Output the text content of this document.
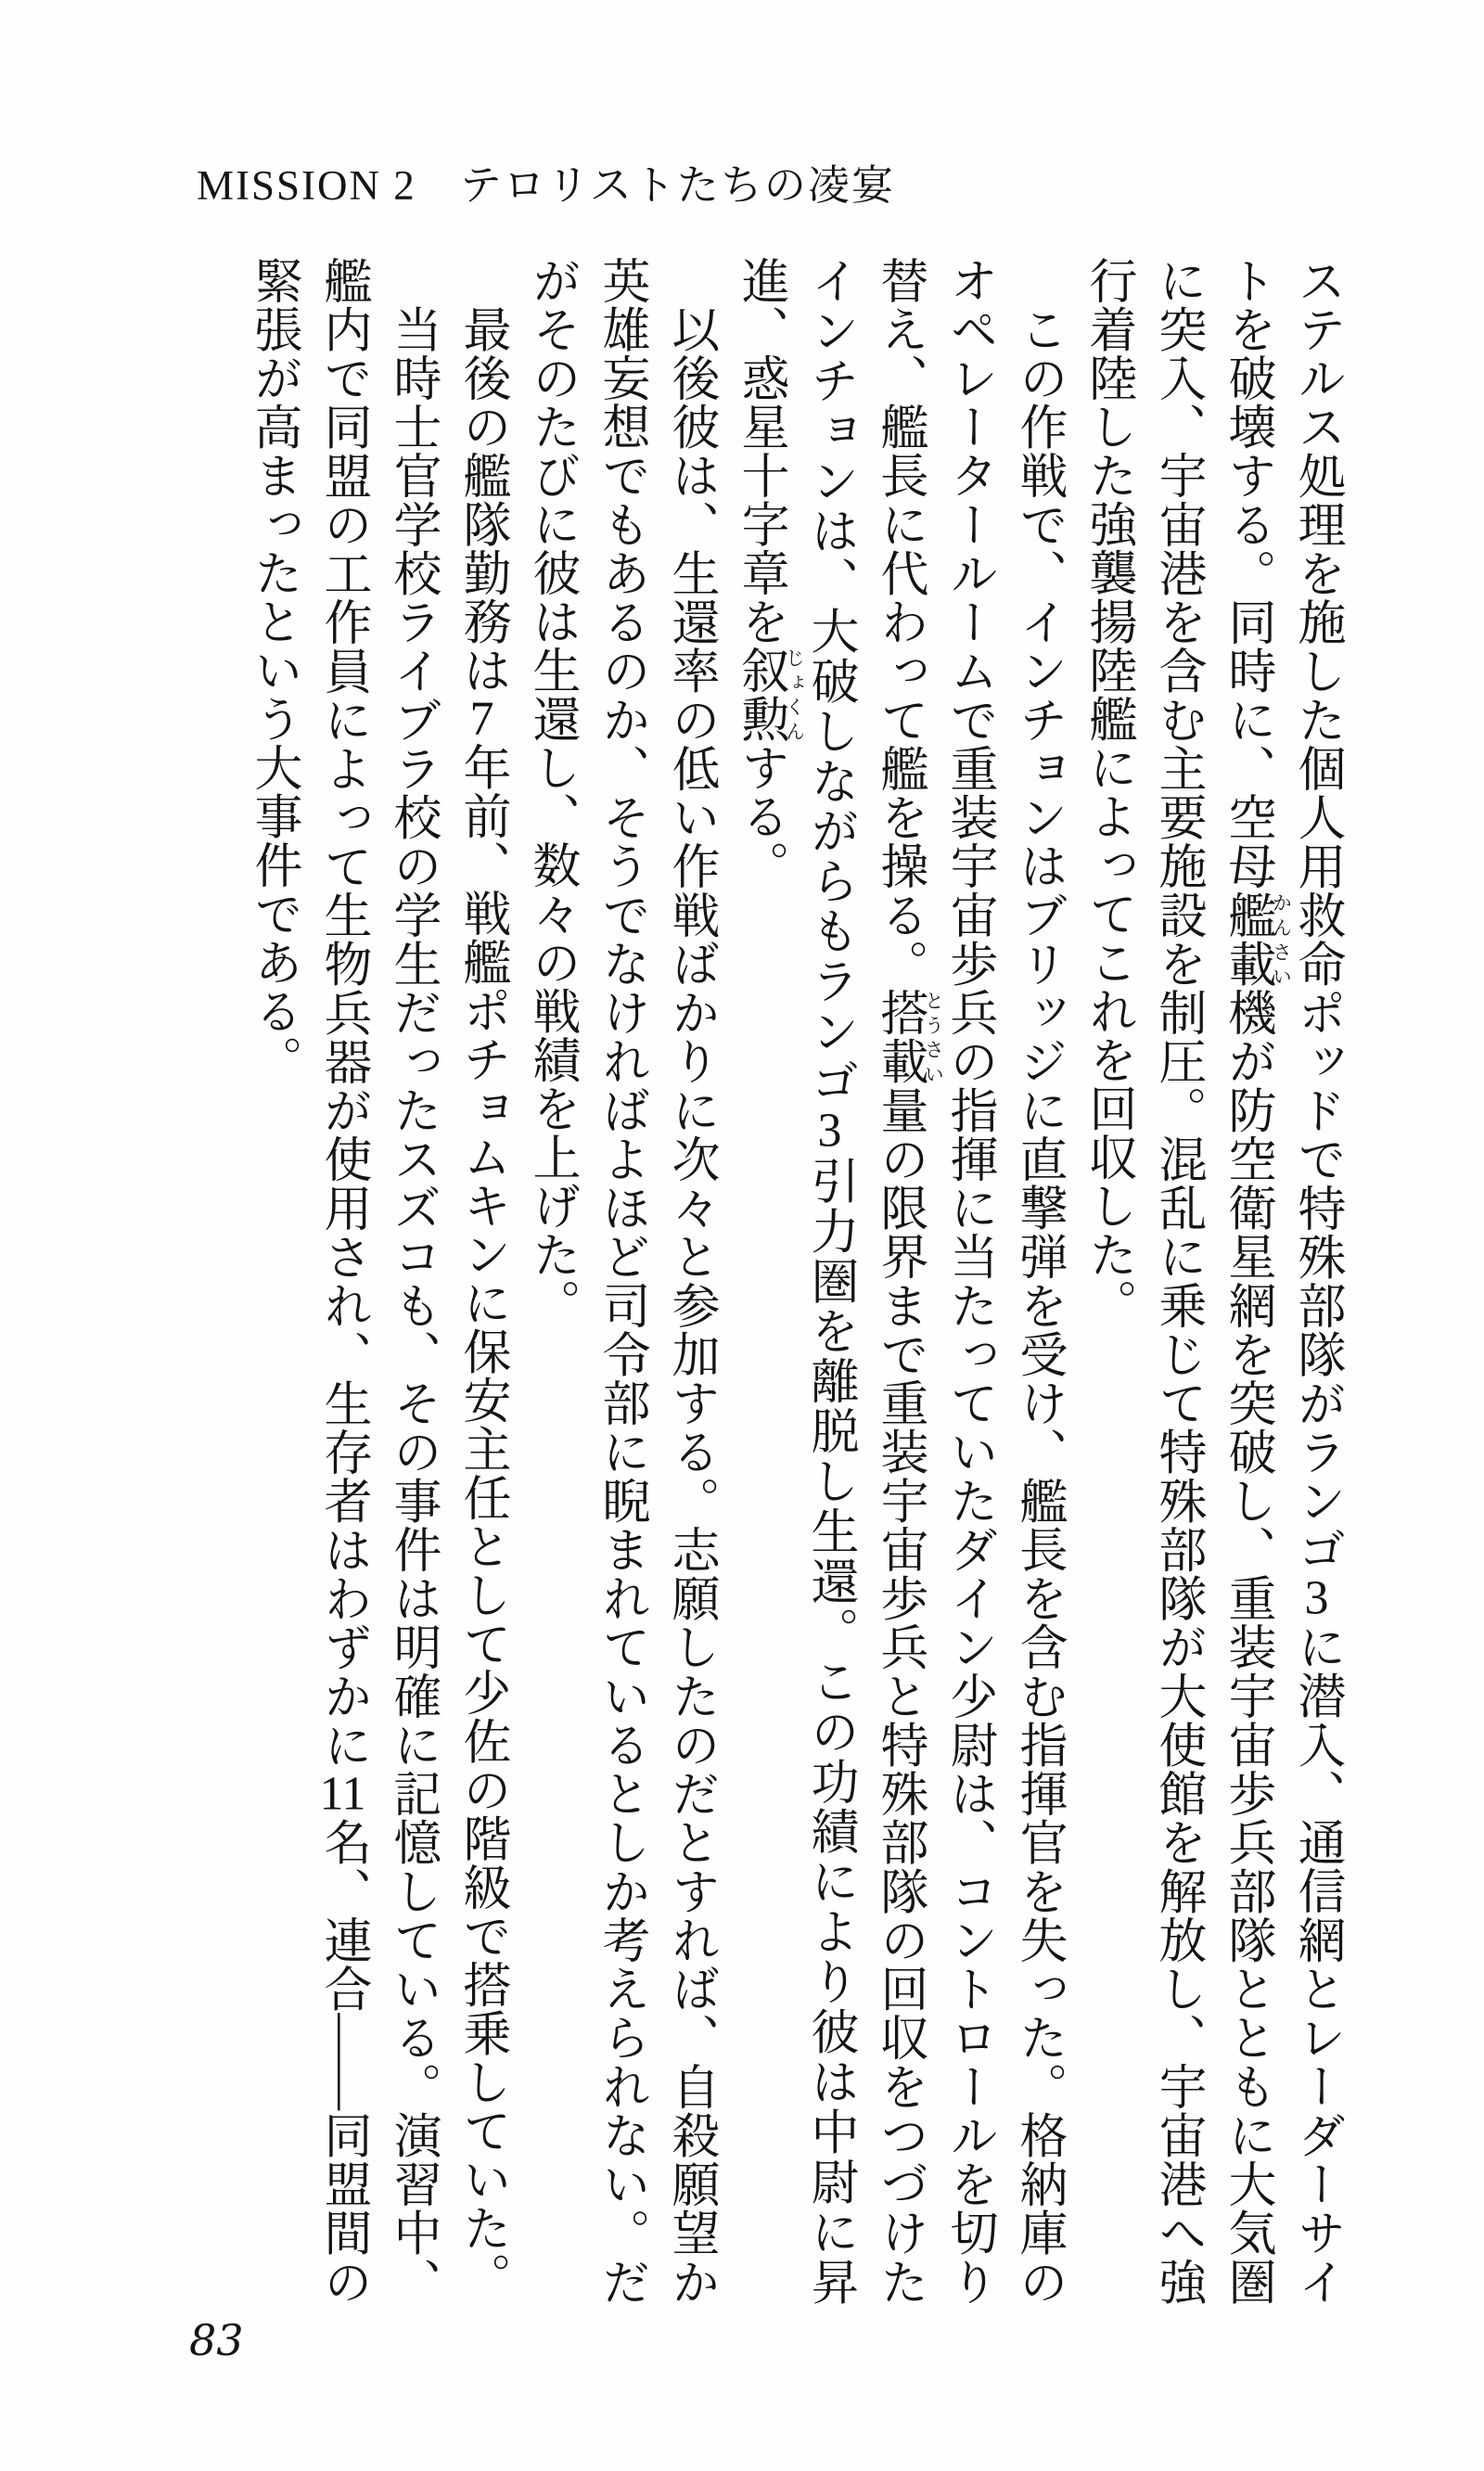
MISSION 2　テロリストたちの凌宴

ステルス処理を施した個人用救命ポッドで特殊部隊がランゴ3に潜入、通信網とレーダーサイトを破壊する。同時に、空母艦載かんさい機が防空衛星網を突破し、重装宇宙歩兵部隊とともに大気圏に突入、宇宙港を含む主要施設を制圧。混乱に乗じて特殊部隊が大使館を解放し、宇宙港へ強行着陸した強襲揚陸艦によってこれを回収した。

　この作戦で、インチョンはブリッジに直撃弾を受け、艦長を含む指揮官を失った。格納庫のオペレータールームで重装宇宙歩兵の指揮に当たっていたダイン少尉は、コントロールを切り替え、艦長に代わって艦を操る。搭載とうさい量の限界まで重装宇宙歩兵と特殊部隊の回収をつづけたインチョンは、大破しながらもランゴ3引力圏を離脱し生還。この功績により彼は中尉に昇進、惑星十字章を叙勲じょくんする。

　以後彼は、生還率の低い作戦ばかりに次々と参加する。志願したのだとすれば、自殺願望か英雄妄想でもあるのか、そうでなければよほど司令部に睨まれているとしか考えられない。だがそのたびに彼は生還し、数々の戦績を上げた。

　最後の艦隊勤務は7年前、戦艦ポチョムキンに保安主任として少佐の階級で搭乗していた。

　当時士官学校ライブラ校の学生だったスズコも、その事件は明確に記憶している。演習中、艦内で同盟の工作員によって生物兵器が使用され、生存者はわずかに11名、連合――同盟間の緊張が高まったという大事件である。

83
